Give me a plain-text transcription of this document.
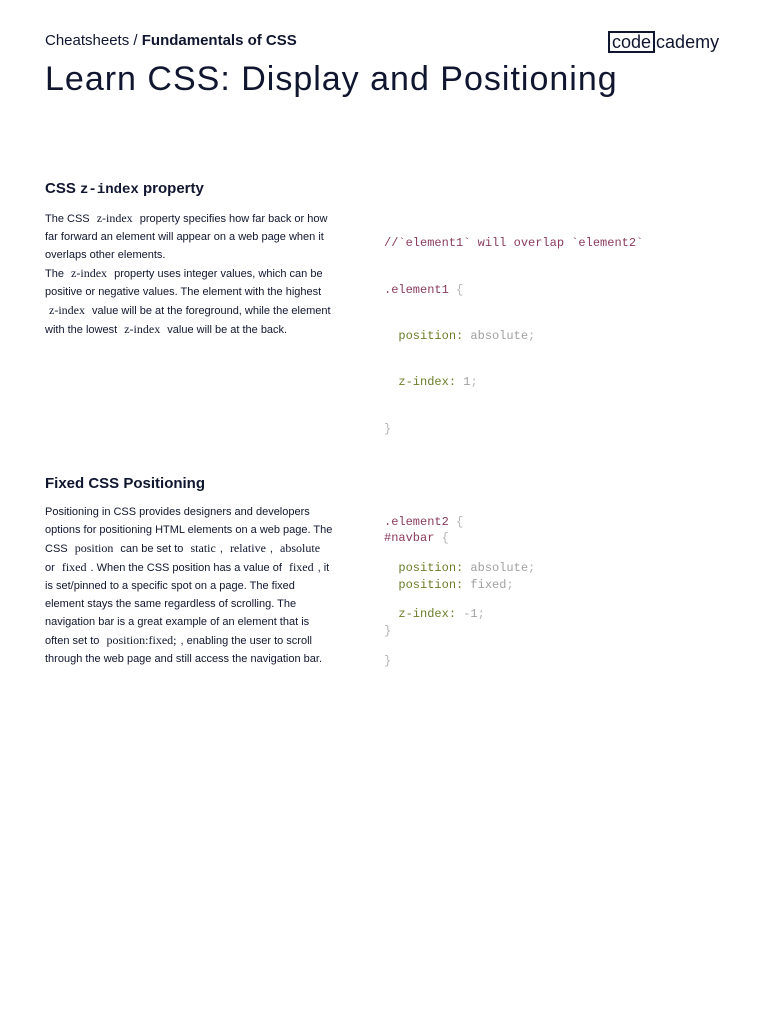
Cheatsheets / Fundamentals of CSS	code cademy
Learn CSS: Display and Positioning
CSS z-index property

The CSS z-index property specifies how far back or how far forward an element will appear on a web page when it overlaps other elements.

The z-index property uses integer values, which can be positive or negative values. The element with the highest z-index value will be at the foreground, while the element with the lowest z-index value will be at the back.

//`element1` will overlap `element2`

.element1 {

position: absolute;

z-index: 1;

}

.element2 {

position: absolute;

z-index: -1;

}

Fixed CSS Positioning

Positioning in CSS provides designers and developers options for positioning HTML elements on a web page. The CSS position can be set to static , relative , absolute or fixed . When the CSS position has a value of fixed , it is set/pinned to a specific spot on a page. The fixed element stays the same regardless of scrolling. The navigation bar is a great example of an element that is often set to position:fixed; , enabling the user to scroll through the web page and still access the navigation bar.

#navbar {

position: fixed;

}
